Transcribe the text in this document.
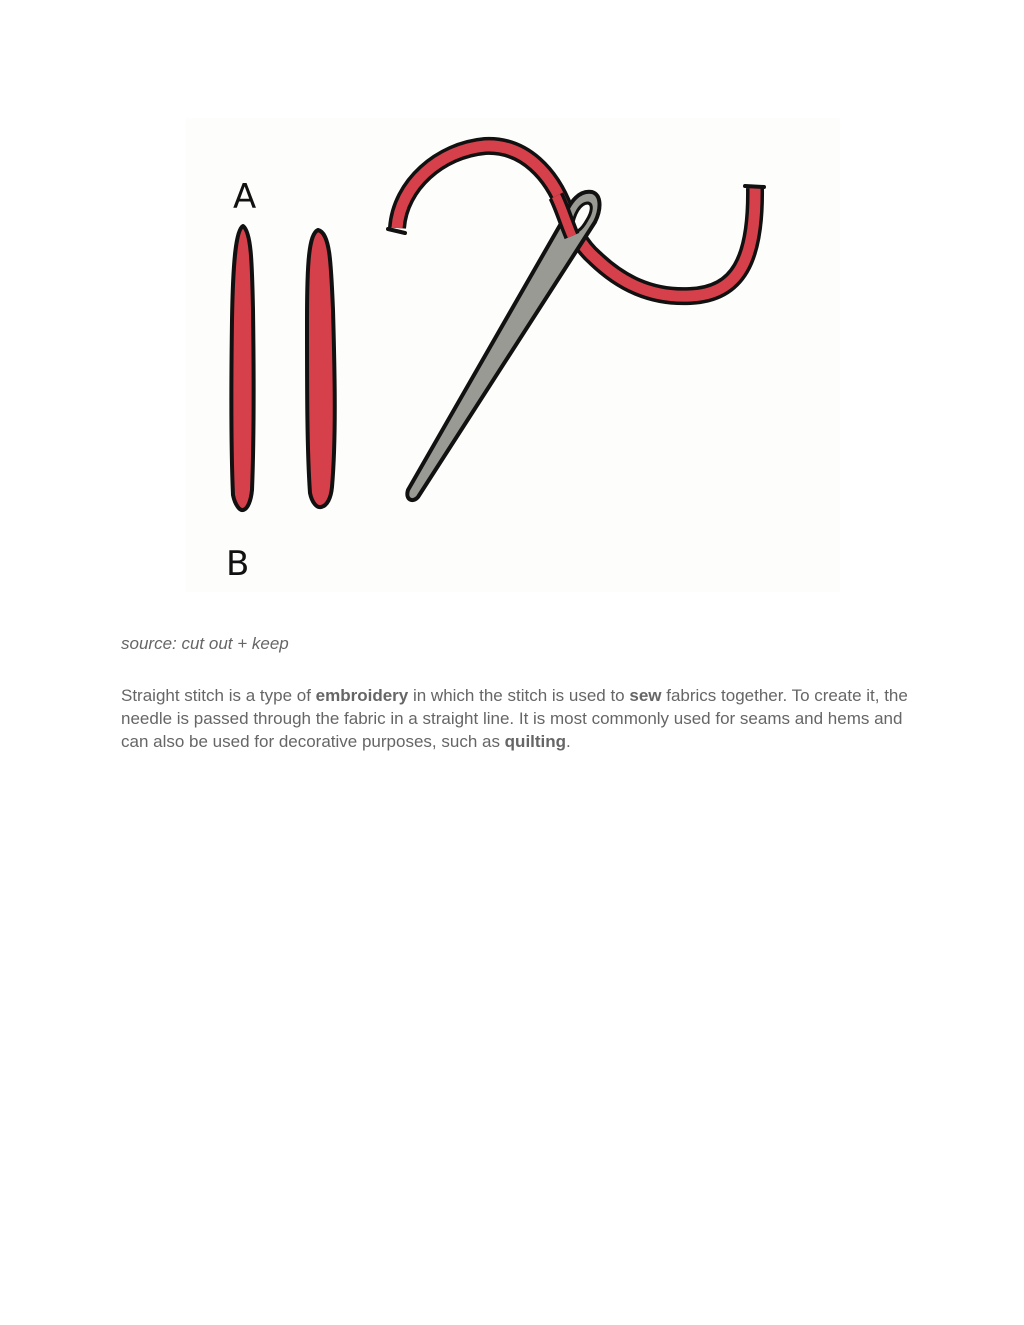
A
B

source: cut out + keep

Straight stitch is a type of embroidery in which the stitch is used to sew fabrics together. To create it, the needle is passed through the fabric in a straight line. It is most commonly used for seams and hems and can also be used for decorative purposes, such as quilting.
